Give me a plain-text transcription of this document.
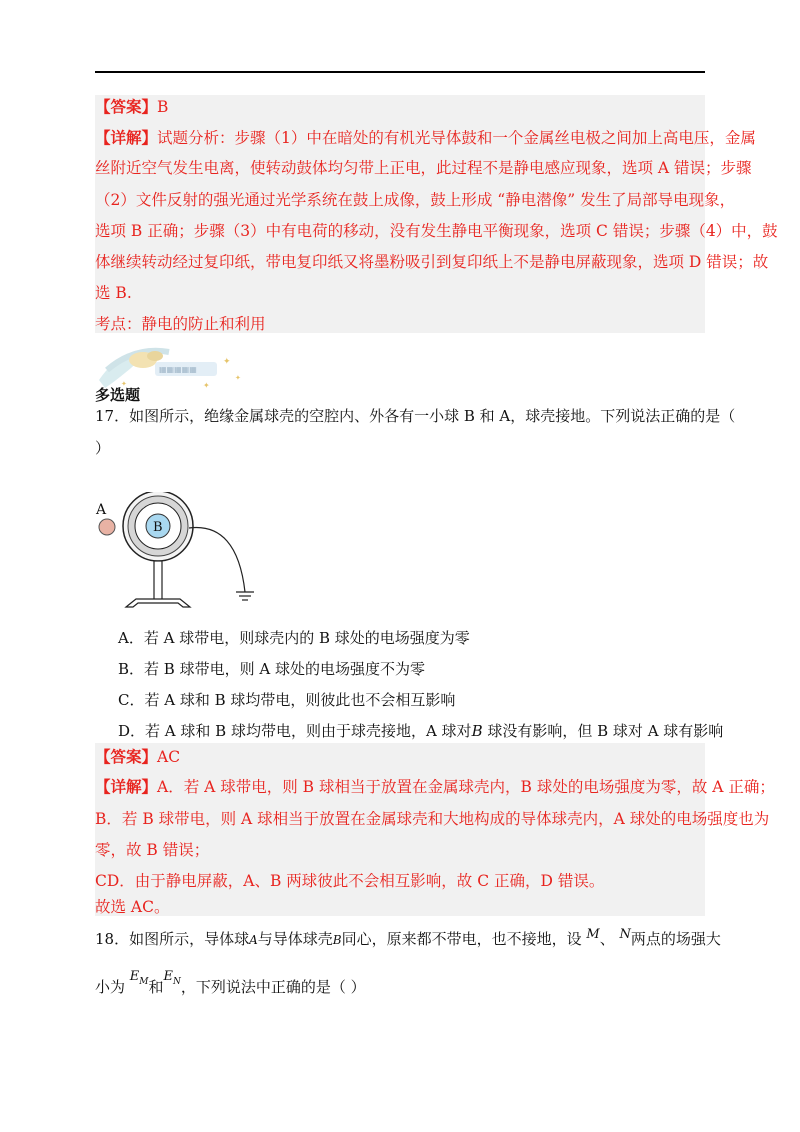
【答案】B
【详解】试题分析：步骤（1）中在暗处的有机光导体鼓和一个金属丝电极之间加上高电压，金属
丝附近空气发生电离，使转动鼓体均匀带上正电，此过程不是静电感应现象，选项 A 错误；步骤
（2）文件反射的强光通过光学系统在鼓上成像，鼓上形成 “静电潜像” 发生了局部导电现象，
选项 B 正确；步骤（3）中有电荷的移动，没有发生静电平衡现象，选项 C 错误；步骤（4）中，鼓
体继续转动经过复印纸，带电复印纸又将墨粉吸引到复印纸上不是静电屏蔽现象，选项 D 错误；故
选 B.
考点：静电的防止和利用
▦▦▦▦▦
✦
✦
✦
✦
多选题
17．如图所示，绝缘金属球壳的空腔内、外各有一小球 B 和 A，球壳接地。下列说法正确的是（
）
A
B
A．若 A 球带电，则球壳内的 B 球处的电场强度为零
B．若 B 球带电，则 A 球处的电场强度不为零
C．若 A 球和 B 球均带电，则彼此也不会相互影响
D．若 A 球和 B 球均带电，则由于球壳接地，A 球对B 球没有影响，但 B 球对 A 球有影响
【答案】AC
【详解】A．若 A 球带电，则 B 球相当于放置在金属球壳内，B 球处的电场强度为零，故 A 正确；
B．若 B 球带电，则 A 球相当于放置在金属球壳和大地构成的导体球壳内，A 球处的电场强度也为
零，故 B 错误；
CD．由于静电屏蔽，A、B 两球彼此不会相互影响，故 C 正确，D 错误。
故选 AC。
18．如图所示，导体球A与导体球壳B同心，原来都不带电，也不接地，设 M、 N两点的场强大
小为 $E_M$和$E_N$，下列说法中正确的是（ ）
